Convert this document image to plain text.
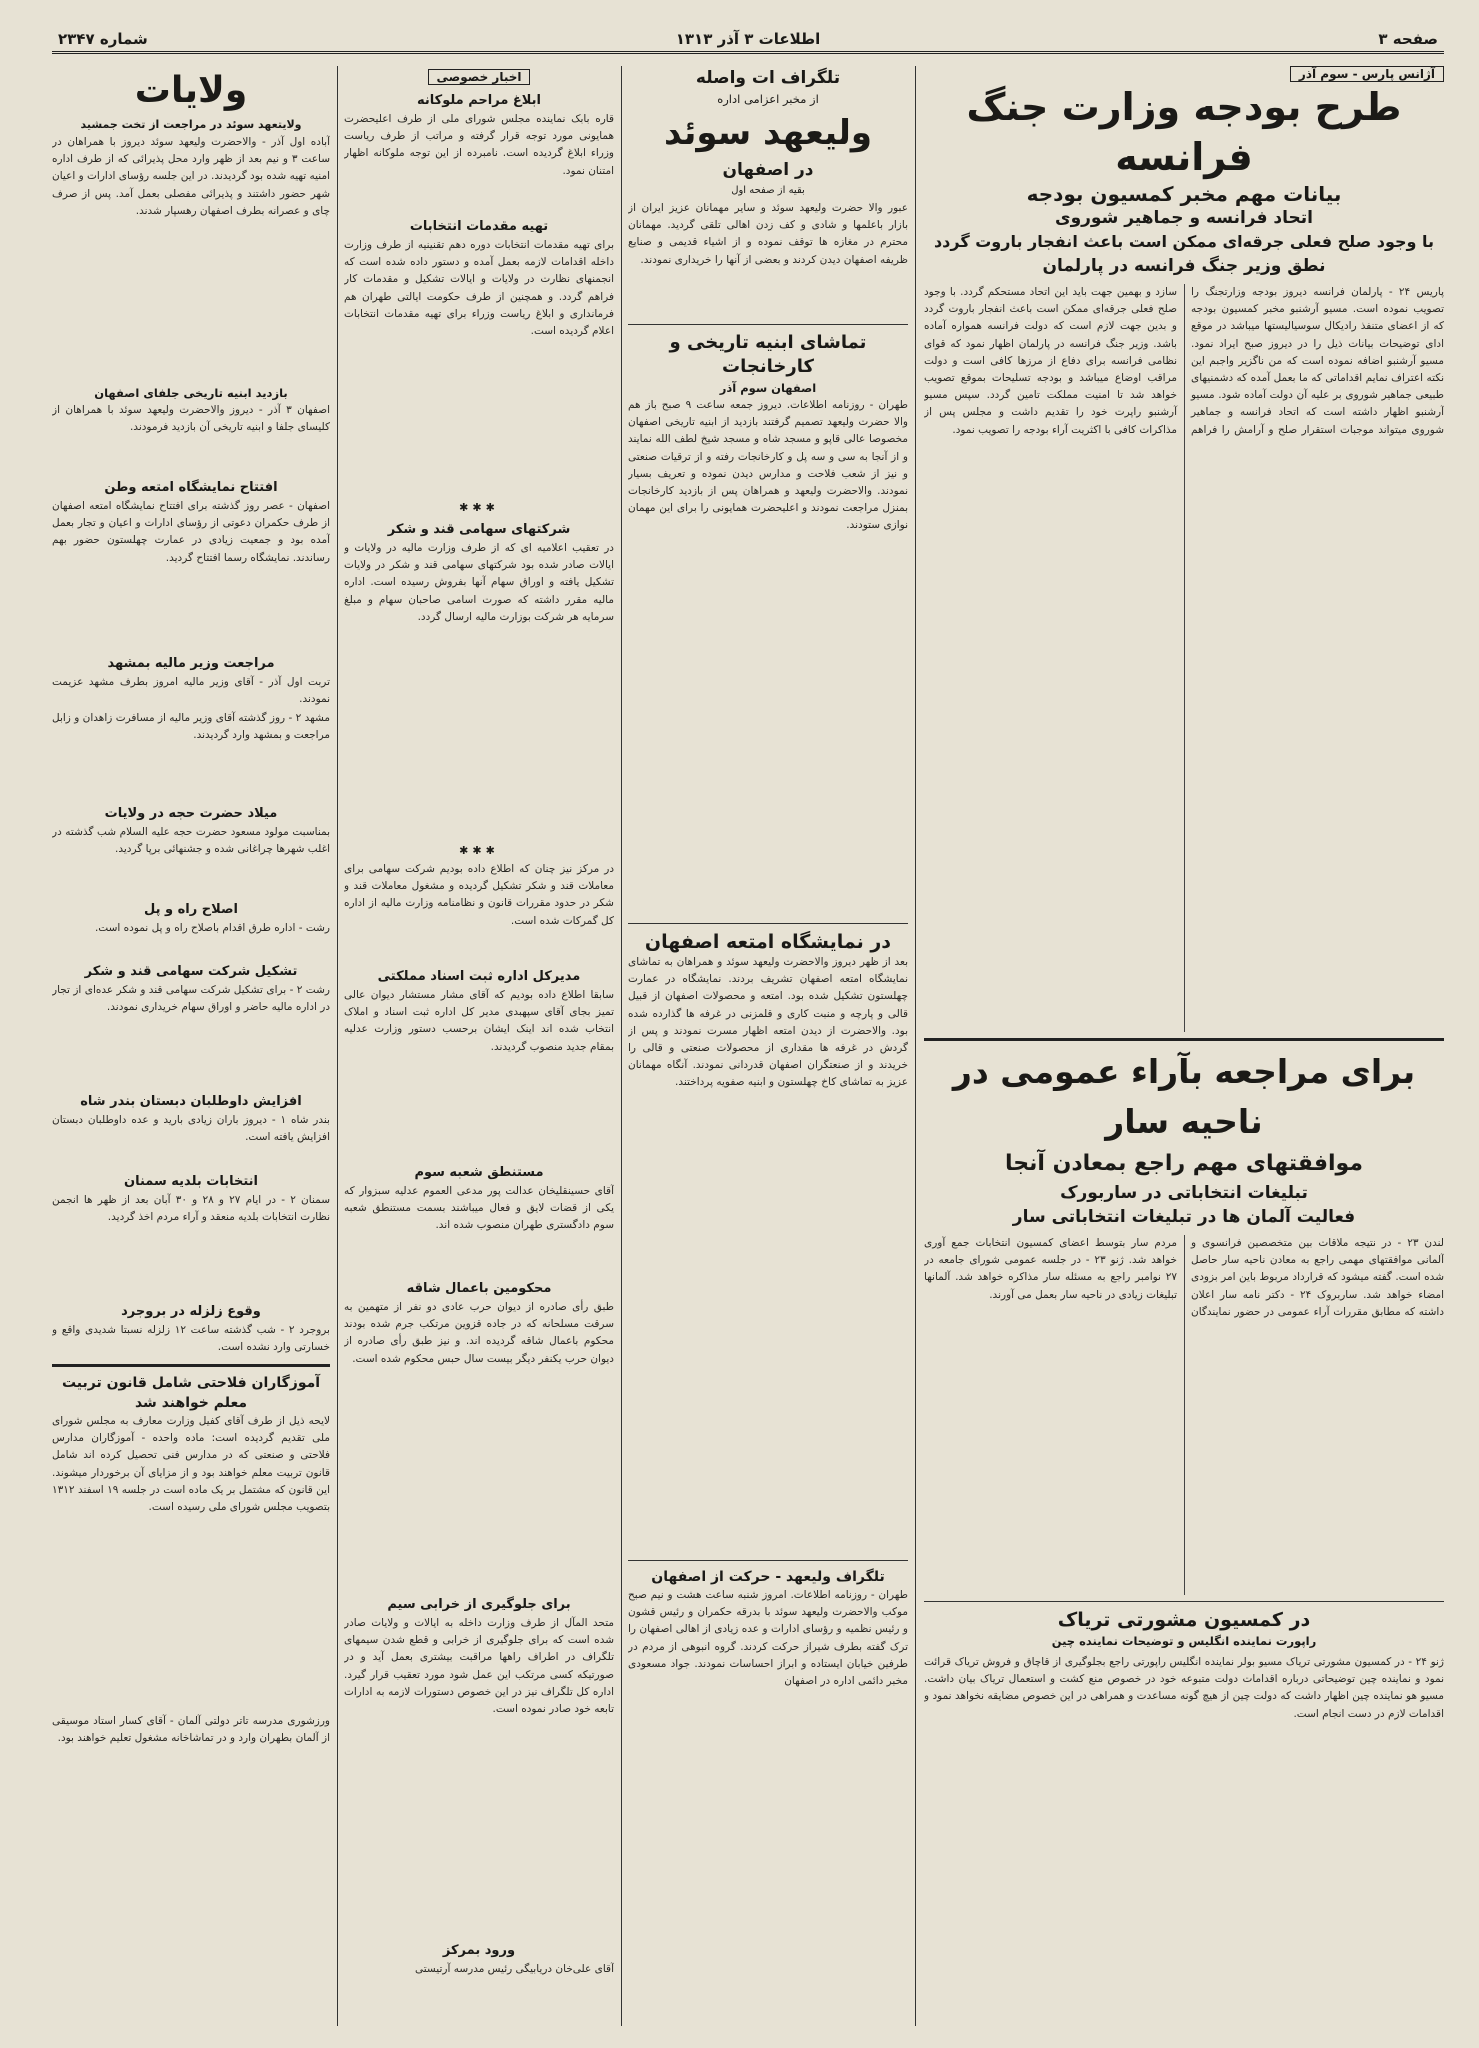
صفحه ۳
اطلاعات ۳ آذر ۱۳۱۳
شماره ۲۳۴۷
آژانس پارس - سوم آذر
طرح بودجه وزارت جنگ فرانسه
بیانات مهم مخبر کمسیون بودجه
اتحاد فرانسه و جماهیر شوروی
با وجود صلح فعلی جرقه‌ای ممکن است باعث انفجار باروت گردد
نطق وزیر جنگ فرانسه در پارلمان
پاریس ۲۴ - پارلمان فرانسه دیروز بودجه وزارتجنگ را تصویب نموده است. مسیو آرشنبو مخبر کمسیون بودجه که از اعضای متنفذ رادیکال سوسیالیستها میباشد در موقع ادای توضیحات بیانات ذیل را در دیروز صبح ایراد نمود. مسیو آرشنبو اضافه نموده است که من ناگزیر واجبم این نکته اعتراف نمایم اقداماتی که ما بعمل آمده که دشمنیهای طبیعی جماهیر شوروی بر علیه آن دولت آماده شود. مسیو آرشنبو اظهار داشته است که اتحاد فرانسه و جماهیر شوروی میتواند موجبات استقرار صلح و آرامش را فراهم سازد و بهمین جهت باید این اتحاد مستحکم گردد. با وجود صلح فعلی جرقه‌ای ممکن است باعث انفجار باروت گردد و بدین جهت لازم است که دولت فرانسه همواره آماده باشد. وزیر جنگ فرانسه در پارلمان اظهار نمود که قوای نظامی فرانسه برای دفاع از مرزها کافی است و دولت مراقب اوضاع میباشد و بودجه تسلیحات بموقع تصویب خواهد شد تا امنیت مملکت تامین گردد. سپس مسیو آرشنبو راپرت خود را تقدیم داشت و مجلس پس از مذاکرات کافی با اکثریت آراء بودجه را تصویب نمود.
برای مراجعه بآراء عمومی در ناحیه سار
موافقتهای مهم راجع بمعادن آنجا
تبلیغات انتخاباتی در ساربورک
فعالیت آلمان ها در تبلیغات انتخاباتی سار
لندن ۲۳ - در نتیجه ملاقات بین متخصصین فرانسوی و آلمانی موافقتهای مهمی راجع به معادن ناحیه سار حاصل شده است. گفته میشود که قرارداد مربوط باین امر بزودی امضاء خواهد شد. ساربروک ۲۴ - دکتر نامه سار اعلان داشته که مطابق مقررات آراء عمومی در حضور نمایندگان مردم سار بتوسط اعضای کمسیون انتخابات جمع آوری خواهد شد. ژنو ۲۳ - در جلسه عمومی شورای جامعه در ۲۷ نوامبر راجع به مسئله سار مذاکره خواهد شد. آلمانها تبلیغات زیادی در ناحیه سار بعمل می آورند.
در کمسیون مشورتی تریاک
راپورت نماینده انگلیس و توضیحات نماینده چین
ژنو ۲۴ - در کمسیون مشورتی تریاک مسیو بولر نماینده انگلیس راپورتی راجع بجلوگیری از قاچاق و فروش تریاک قرائت نمود و نماینده چین توضیحاتی درباره اقدامات دولت متبوعه خود در خصوص منع کشت و استعمال تریاک بیان داشت. مسیو هو نماینده چین اظهار داشت که دولت چین از هیچ گونه مساعدت و همراهی در این خصوص مضایقه نخواهد نمود و اقدامات لازم در دست انجام است.
تلگراف ات واصله
از مخبر اعزامی اداره
ولیعهد سوئد
در اصفهان
بقیه از صفحه اول
عبور والا حضرت ولیعهد سوئد و سایر مهمانان عزیز ایران از بازار باعلمها و شادی و کف زدن اهالی تلقی گردید. مهمانان محترم در مغازه ها توقف نموده و از اشیاء قدیمی و صنایع ظریفه اصفهان دیدن کردند و بعضی از آنها را خریداری نمودند.
تماشای ابنیه تاریخی و کارخانجات
اصفهان سوم آذر
طهران - روزنامه اطلاعات. دیروز جمعه ساعت ۹ صبح باز هم والا حضرت ولیعهد تصمیم گرفتند بازدید از ابنیه تاریخی اصفهان مخصوصا عالی قاپو و مسجد شاه و مسجد شیخ لطف الله نمایند و از آنجا به سی و سه پل و کارخانجات رفته و از ترقیات صنعتی و نیز از شعب فلاحت و مدارس دیدن نموده و تعریف بسیار نمودند. والاحضرت ولیعهد و همراهان پس از بازدید کارخانجات بمنزل مراجعت نمودند و اعلیحضرت همایونی را برای این مهمان نوازی ستودند.
در نمایشگاه امتعه اصفهان
بعد از ظهر دیروز والاحضرت ولیعهد سوئد و همراهان به تماشای نمایشگاه امتعه اصفهان تشریف بردند. نمایشگاه در عمارت چهلستون تشکیل شده بود. امتعه و محصولات اصفهان از قبیل قالی و پارچه و منبت کاری و قلمزنی در غرفه ها گذارده شده بود. والاحضرت از دیدن امتعه اظهار مسرت نمودند و پس از گردش در غرفه ها مقداری از محصولات صنعتی و قالی را خریدند و از صنعتگران اصفهان قدردانی نمودند. آنگاه مهمانان عزیز به تماشای کاخ چهلستون و ابنیه صفویه پرداختند.
تلگراف ولیعهد - حرکت از اصفهان
طهران - روزنامه اطلاعات. امروز شنبه ساعت هشت و نیم صبح موکب والاحضرت ولیعهد سوئد با بدرقه حکمران و رئیس قشون و رئیس نظمیه و رؤسای ادارات و عده زیادی از اهالی اصفهان را ترک گفته بطرف شیراز حرکت کردند. گروه انبوهی از مردم در طرفین خیابان ایستاده و ابراز احساسات نمودند. جواد مسعودی مخبر دائمی اداره در اصفهان
اخبار خصوصی
ابلاغ مراحم ملوکانه
قاره بابک نماینده مجلس شورای ملی از طرف اعلیحضرت همایونی مورد توجه قرار گرفته و مراتب از طرف ریاست وزراء ابلاغ گردیده است. نامبرده از این توجه ملوکانه اظهار امتنان نمود.
تهیه مقدمات انتخابات
برای تهیه مقدمات انتخابات دوره دهم تقنینیه از طرف وزارت داخله اقدامات لازمه بعمل آمده و دستور داده شده است که انجمنهای نظارت در ولایات و ایالات تشکیل و مقدمات کار فراهم گردد. و همچنین از طرف حکومت ایالتی طهران هم فرمانداری و ابلاغ ریاست وزراء برای تهیه مقدمات انتخابات اعلام گردیده است.
✱✱✱
شرکتهای سهامی قند و شکر
در تعقیب اعلامیه ای که از طرف وزارت مالیه در ولایات و ایالات صادر شده بود شرکتهای سهامی قند و شکر در ولایات تشکیل یافته و اوراق سهام آنها بفروش رسیده است. اداره مالیه مقرر داشته که صورت اسامی صاحبان سهام و مبلغ سرمایه هر شرکت بوزارت مالیه ارسال گردد.
✱✱✱
در مرکز نیز چنان که اطلاع داده بودیم شرکت سهامی برای معاملات قند و شکر تشکیل گردیده و مشغول معاملات قند و شکر در حدود مقررات قانون و نظامنامه وزارت مالیه از اداره کل گمرکات شده است.
مدیرکل اداره ثبت اسناد مملکتی
سابقا اطلاع داده بودیم که آقای مشار مستشار دیوان عالی تمیز بجای آقای سپهبدی مدیر کل اداره ثبت اسناد و املاک انتخاب شده اند اینک ایشان برحسب دستور وزارت عدلیه بمقام جدید منصوب گردیدند.
مستنطق شعبه سوم
آقای حسینقلیخان عدالت پور مدعی العموم عدلیه سبزوار که یکی از قضات لایق و فعال میباشند بسمت مستنطق شعبه سوم دادگستری طهران منصوب شده اند.
محکومین باعمال شاقه
طبق رأی صادره از دیوان حرب عادی دو نفر از متهمین به سرقت مسلحانه که در جاده قزوین مرتکب جرم شده بودند محکوم باعمال شاقه گردیده اند. و نیز طبق رأی صادره از دیوان حرب یکنفر دیگر بیست سال حبس محکوم شده است.
برای جلوگیری از خرابی سیم
متحد المآل از طرف وزارت داخله به ایالات و ولایات صادر شده است که برای جلوگیری از خرابی و قطع شدن سیمهای تلگراف در اطراف راهها مراقبت بیشتری بعمل آید و در صورتیکه کسی مرتکب این عمل شود مورد تعقیب قرار گیرد. اداره کل تلگراف نیز در این خصوص دستورات لازمه به ادارات تابعه خود صادر نموده است.
ورود بمرکز
آقای علی‌خان دریابیگی رئیس مدرسه آرتیستی
ولایات
ولایتعهد سوئد در مراجعت از تخت جمشید
آباده اول آذر - والاحضرت ولیعهد سوئد دیروز با همراهان در ساعت ۳ و نیم بعد از ظهر وارد محل پذیرائی که از طرف اداره امنیه تهیه شده بود گردیدند. در این جلسه رؤسای ادارات و اعیان شهر حضور داشتند و پذیرائی مفصلی بعمل آمد. پس از صرف چای و عصرانه بطرف اصفهان رهسپار شدند.
بازدید ابنیه تاریخی جلفای اصفهان
اصفهان ۳ آذر - دیروز والاحضرت ولیعهد سوئد با همراهان از کلیسای جلفا و ابنیه تاریخی آن بازدید فرمودند.
افتتاح نمایشگاه امتعه وطن
اصفهان - عصر روز گذشته برای افتتاح نمایشگاه امتعه اصفهان از طرف حکمران دعوتی از رؤسای ادارات و اعیان و تجار بعمل آمده بود و جمعیت زیادی در عمارت چهلستون حضور بهم رساندند. نمایشگاه رسما افتتاح گردید.
مراجعت وزیر مالیه بمشهد
تربت اول آذر - آقای وزیر مالیه امروز بطرف مشهد عزیمت نمودند.
مشهد ۲ - روز گذشته آقای وزیر مالیه از مسافرت زاهدان و زابل مراجعت و بمشهد وارد گردیدند.
میلاد حضرت حجه در ولایات
بمناسبت مولود مسعود حضرت حجه علیه السلام شب گذشته در اغلب شهرها چراغانی شده و جشنهائی برپا گردید.
اصلاح راه و پل
رشت - اداره طرق اقدام باصلاح راه و پل نموده است.
تشکیل شرکت سهامی قند و شکر
رشت ۲ - برای تشکیل شرکت سهامی قند و شکر عده‌ای از تجار در اداره مالیه حاضر و اوراق سهام خریداری نمودند.
افزایش داوطلبان دبستان بندر شاه
بندر شاه ۱ - دیروز باران زیادی بارید و عده داوطلبان دبستان افزایش یافته است.
انتخابات بلدیه سمنان
سمنان ۲ - در ایام ۲۷ و ۲۸ و ۳۰ آبان بعد از ظهر ها انجمن نظارت انتخابات بلدیه منعقد و آراء مردم اخذ گردید.
وقوع زلزله در بروجرد
بروجرد ۲ - شب گذشته ساعت ۱۲ زلزله نسبتا شدیدی واقع و خسارتی وارد نشده است.
آموزگاران فلاحتی شامل قانون تربیت معلم خواهند شد
لایحه ذیل از طرف آقای کفیل وزارت معارف به مجلس شورای ملی تقدیم گردیده است: ماده واحده - آموزگاران مدارس فلاحتی و صنعتی که در مدارس فنی تحصیل کرده اند شامل قانون تربیت معلم خواهند بود و از مزایای آن برخوردار میشوند. این قانون که مشتمل بر یک ماده است در جلسه ۱۹ اسفند ۱۳۱۲ بتصویب مجلس شورای ملی رسیده است.
ورزشوری مدرسه تاتر دولتی آلمان - آقای کسار استاد موسیقی از آلمان بطهران وارد و در تماشاخانه مشغول تعلیم خواهند بود.
